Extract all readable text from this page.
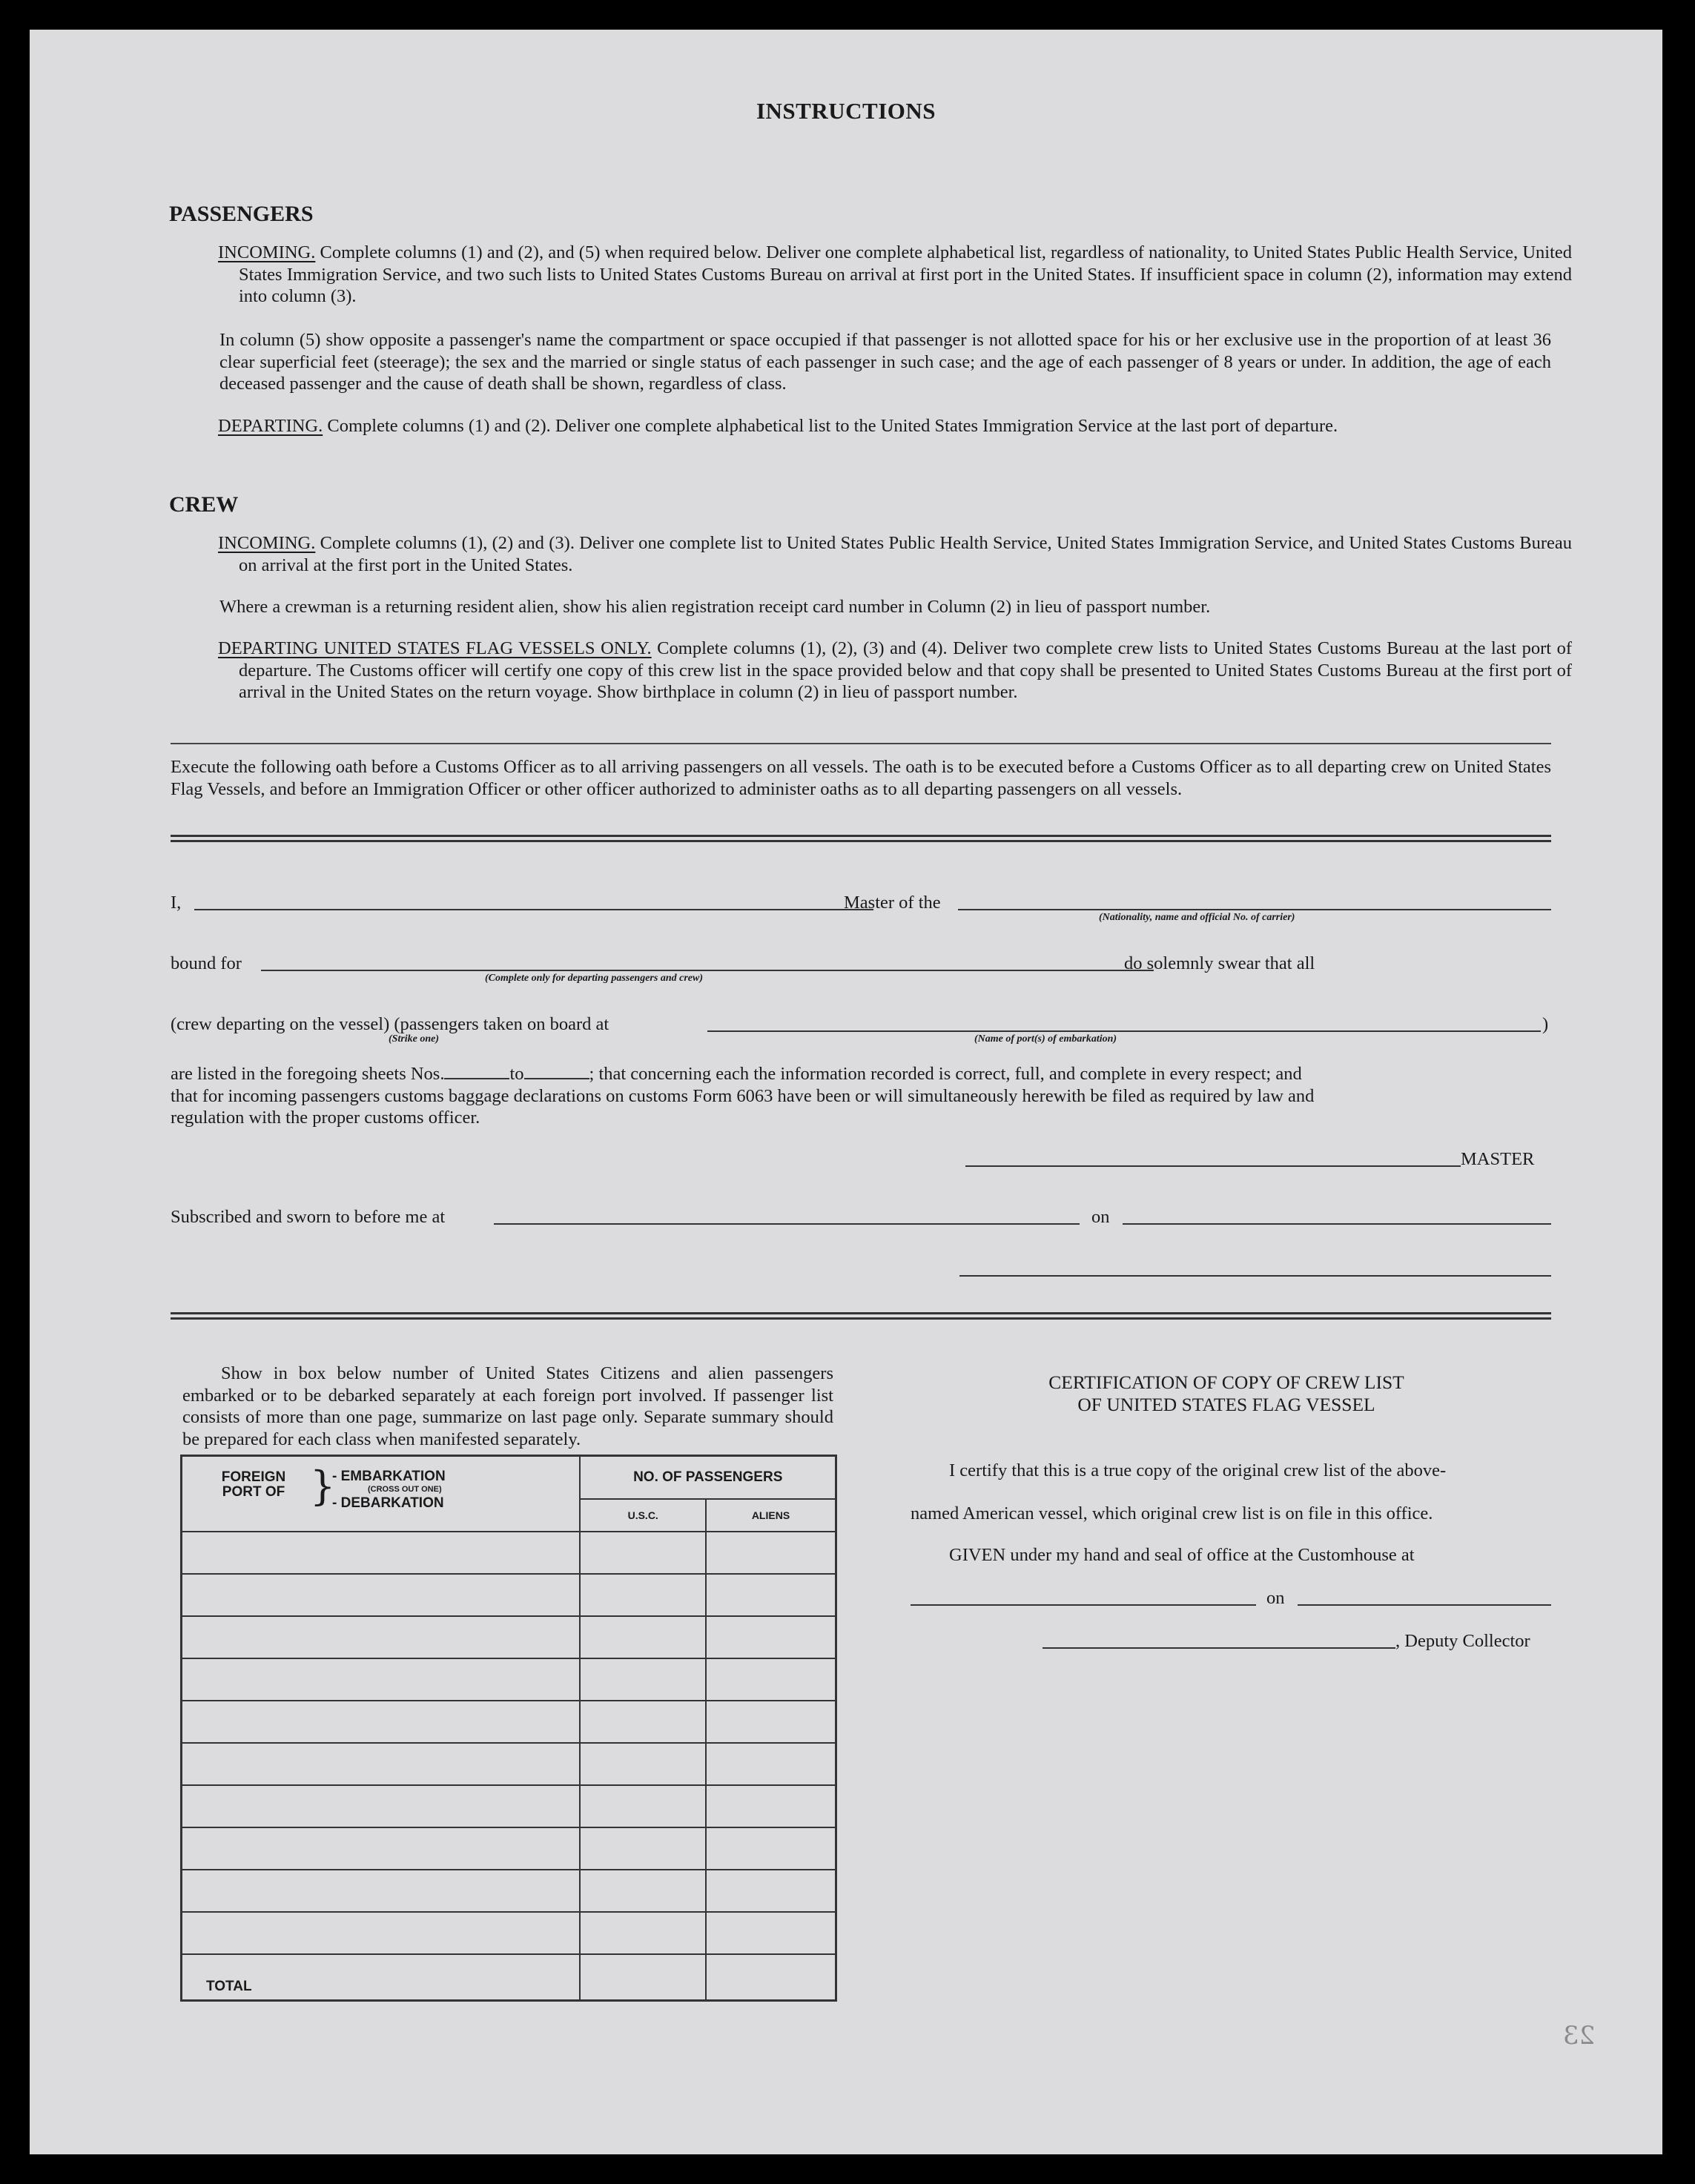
INSTRUCTIONS
PASSENGERS
INCOMING. Complete columns (1) and (2), and (5) when required below. Deliver one complete alphabetical list, regardless of nationality, to United States Public Health Service, United States Immigration Service, and two such lists to United States Customs Bureau on arrival at first port in the United States. If insufficient space in column (2), information may extend into column (3).
In column (5) show opposite a passenger's name the compartment or space occupied if that passenger is not allotted space for his or her exclusive use in the proportion of at least 36 clear superficial feet (steerage); the sex and the married or single status of each passenger in such case; and the age of each passenger of 8 years or under. In addition, the age of each deceased passenger and the cause of death shall be shown, regardless of class.
DEPARTING. Complete columns (1) and (2). Deliver one complete alphabetical list to the United States Immigration Service at the last port of departure.
CREW
INCOMING. Complete columns (1), (2) and (3). Deliver one complete list to United States Public Health Service, United States Immigration Service, and United States Customs Bureau on arrival at the first port in the United States.
Where a crewman is a returning resident alien, show his alien registration receipt card number in Column (2) in lieu of passport number.
DEPARTING UNITED STATES FLAG VESSELS ONLY. Complete columns (1), (2), (3) and (4). Deliver two complete crew lists to United States Customs Bureau at the last port of departure. The Customs officer will certify one copy of this crew list in the space provided below and that copy shall be presented to United States Customs Bureau at the first port of arrival in the United States on the return voyage. Show birthplace in column (2) in lieu of passport number.
Execute the following oath before a Customs Officer as to all arriving passengers on all vessels. The oath is to be executed before a Customs Officer as to all departing crew on United States Flag Vessels, and before an Immigration Officer or other officer authorized to administer oaths as to all departing passengers on all vessels.
I,	Master of the
(Nationality, name and official No. of carrier)
bound for
(Complete only for departing passengers and crew)
do solemnly swear that all
(crew departing on the vessel) (passengers taken on board at	)
(Strike one)	(Name of port(s) of embarkation)
are listed in the foregoing sheets Nos.	to	; that concerning each the information recorded is correct, full, and complete in every respect; and
that for incoming passengers customs baggage declarations on customs Form 6063 have been or will simultaneously herewith be filed as required by law and
regulation with the proper customs officer.
MASTER
Subscribed and sworn to before me at	on
Show in box below number of United States Citizens and alien passengers embarked or to be debarked separately at each foreign port involved. If passenger list consists of more than one page, summarize on last page only. Separate summary should be prepared for each class when manifested separately.
FOREIGN PORT OF }
- EMBARKATION
(CROSS OUT ONE)
- DEBARKATION	NO. OF PASSENGERS	
	U.S.C.	ALIENS

TOTAL		
CERTIFICATION OF COPY OF CREW LIST
OF UNITED STATES FLAG VESSEL
I certify that this is a true copy of the original crew list of the above-
named American vessel, which original crew list is on file in this office.
GIVEN under my hand and seal of office at the Customhouse at
on
, Deputy Collector
23
